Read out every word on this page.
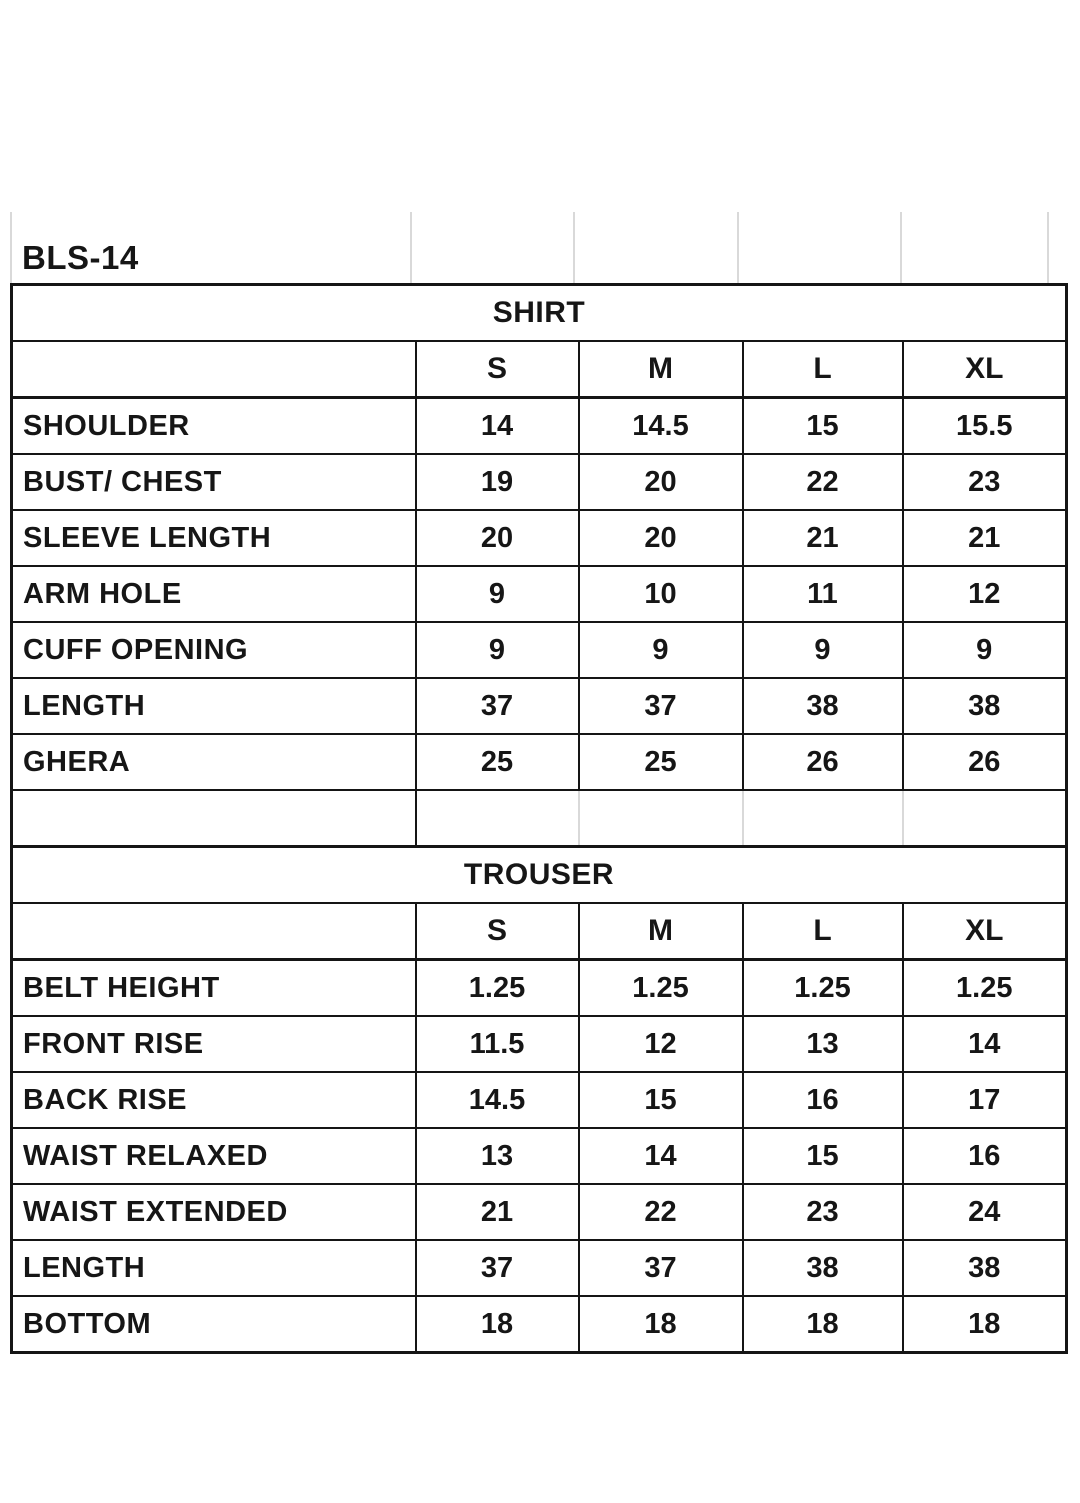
BLS-14
SHIRT				
	S	M	L	XL
SHOULDER	14	14.5	15	15.5
BUST/ CHEST	19	20	22	23
SLEEVE LENGTH	20	20	21	21
ARM HOLE	9	10	11	12
CUFF OPENING	9	9	9	9
LENGTH	37	37	38	38
GHERA	25	25	26	26

TROUSER				
	S	M	L	XL
BELT HEIGHT	1.25	1.25	1.25	1.25
FRONT RISE	11.5	12	13	14
BACK RISE	14.5	15	16	17
WAIST RELAXED	13	14	15	16
WAIST EXTENDED	21	22	23	24
LENGTH	37	37	38	38
BOTTOM	18	18	18	18
